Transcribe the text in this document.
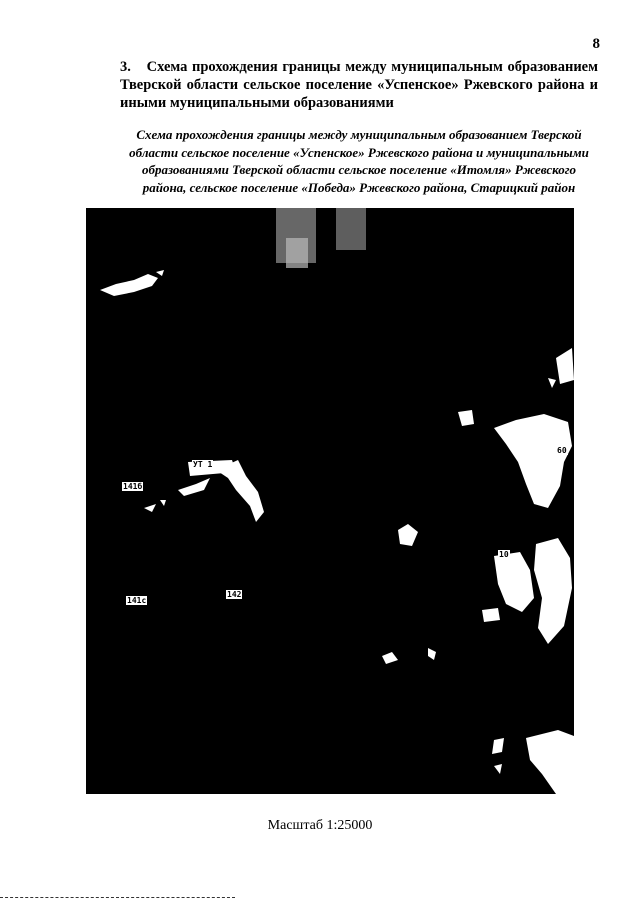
8
3. Схема прохождения границы между муниципальным образованием Тверской области сельское поселение «Успенское» Ржевского района и иными муниципальными образованиями
Схема прохождения границы между муниципальным образованием Тверской области сельское поселение «Успенское» Ржевского района и муниципальными образованиями Тверской области сельское поселение «Итомля» Ржевского района, сельское поселение «Победа» Ржевского района, Старицкий район
УТ 1
141б
141с
142
60
10
Масштаб 1:25000
